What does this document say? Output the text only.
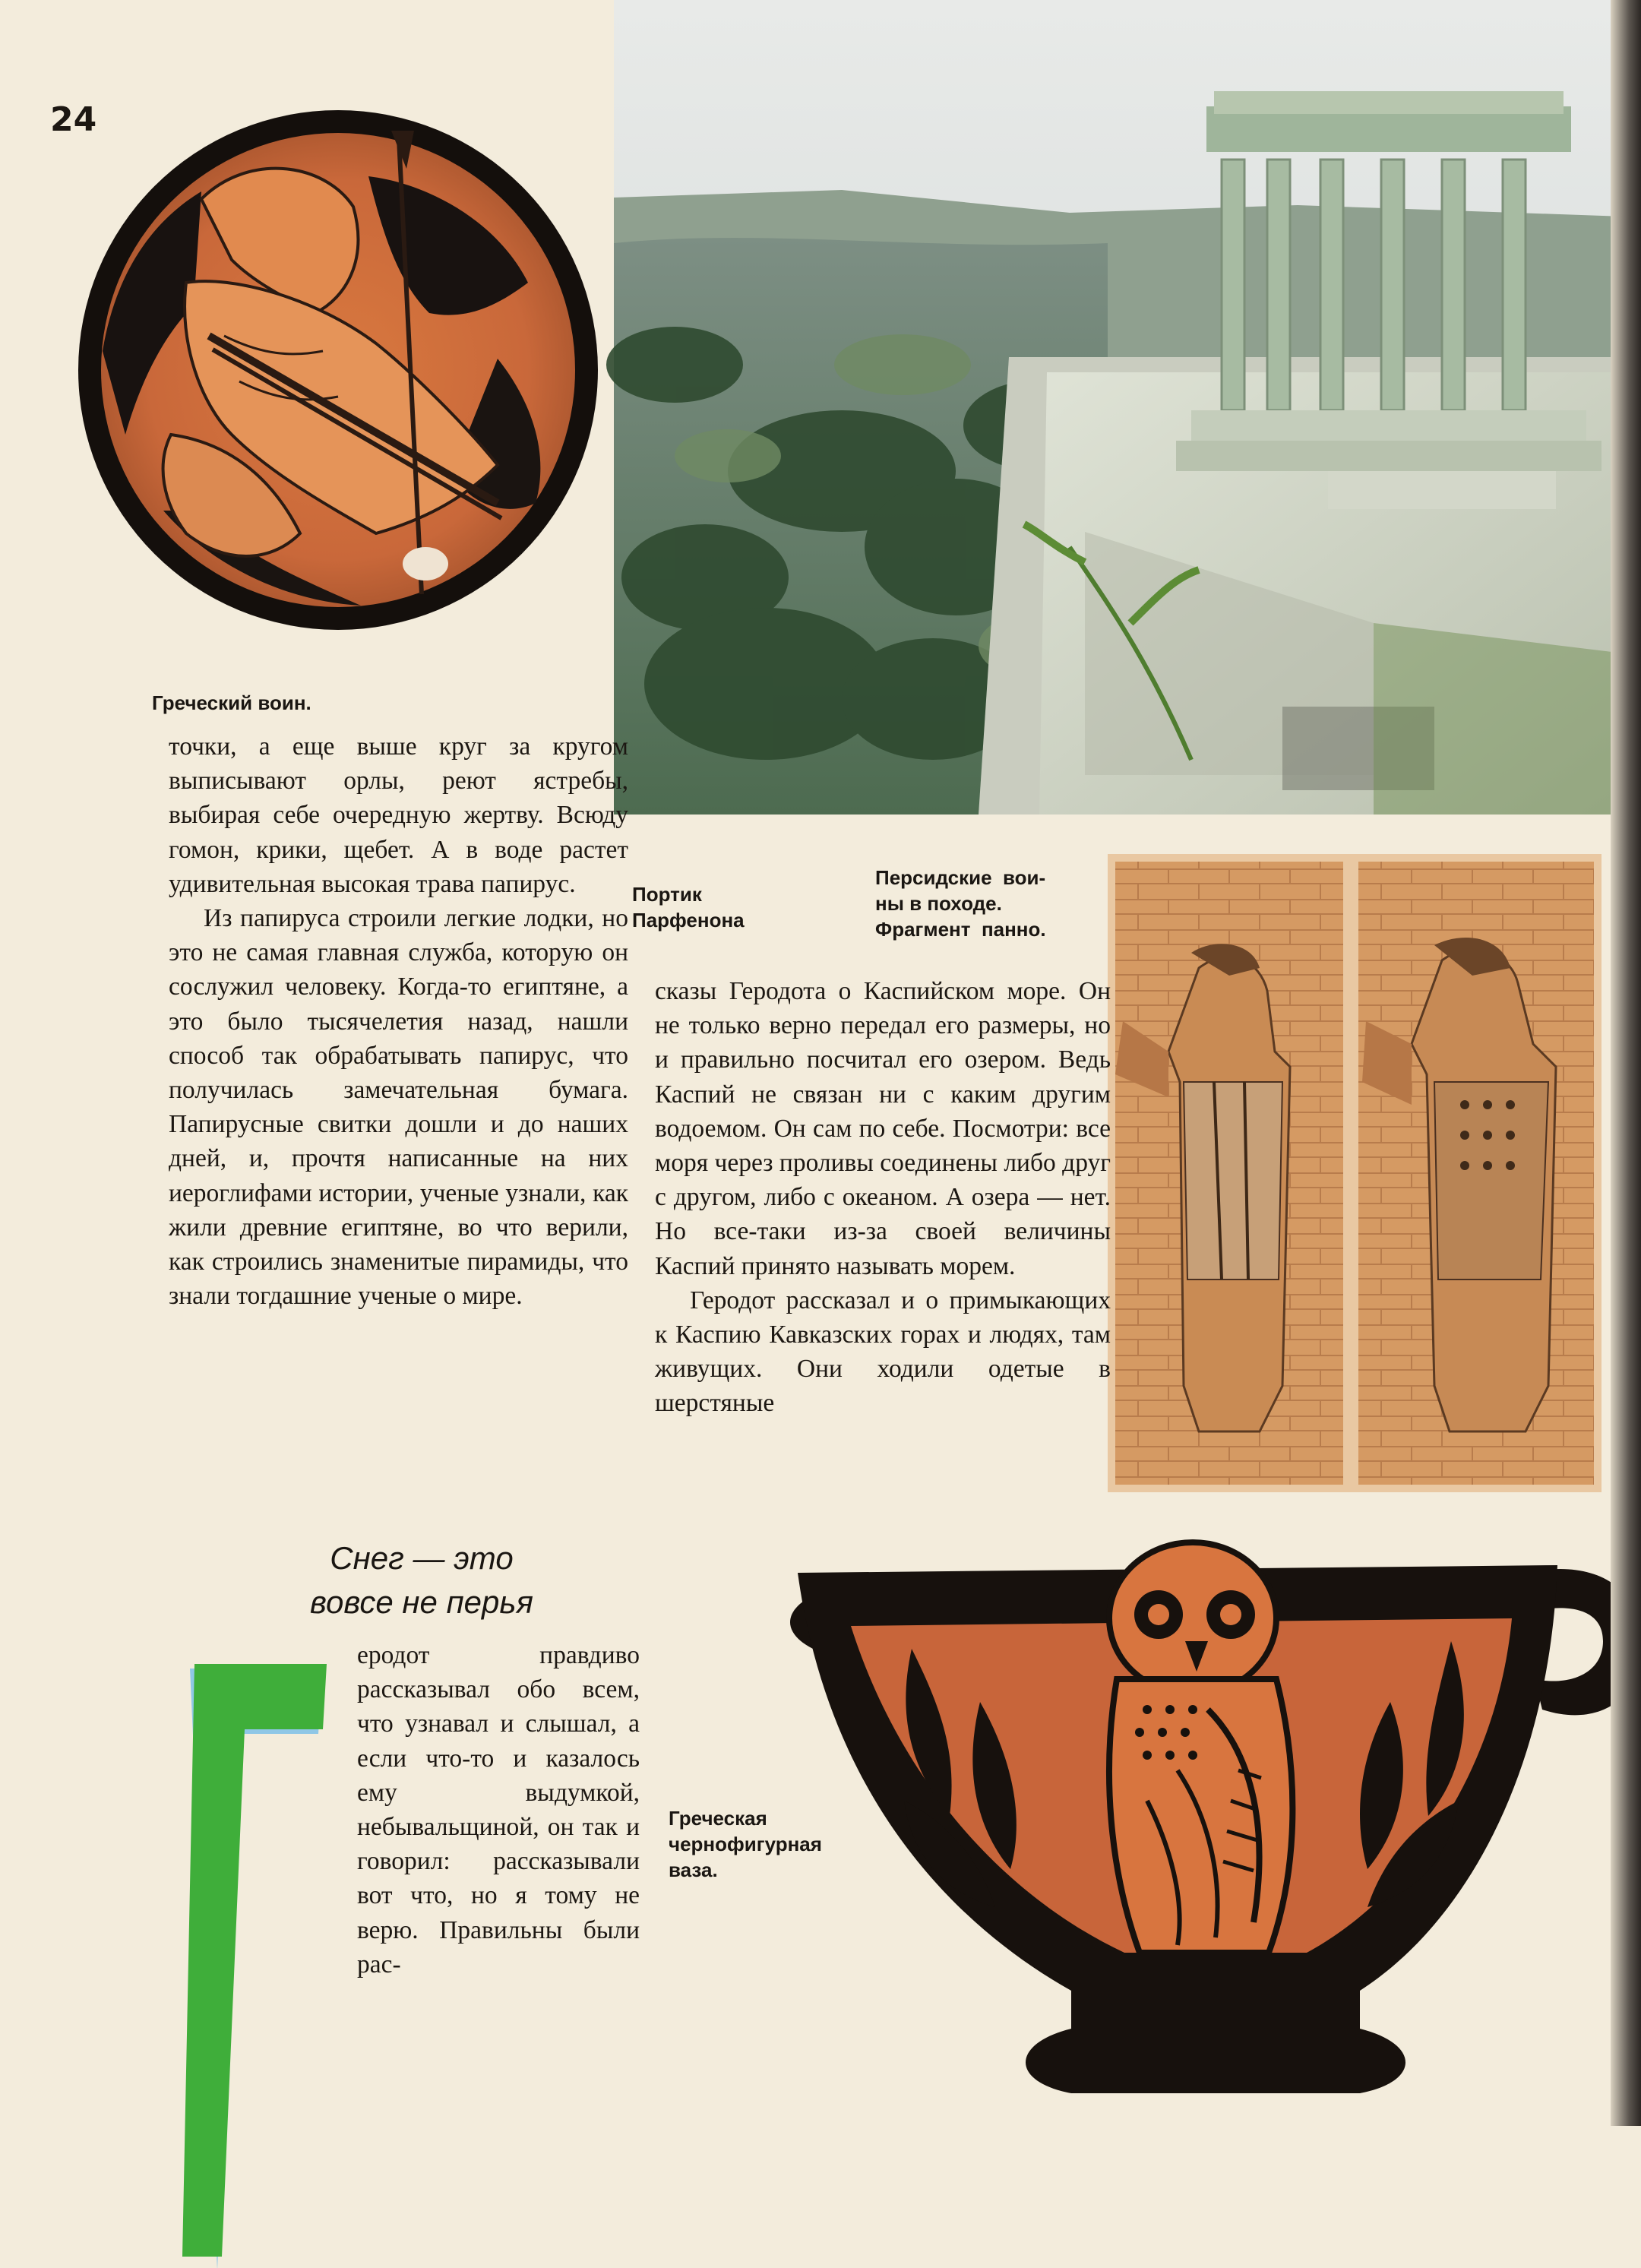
24
Греческий воин.
Портик
Парфенона
Персидские  вои-
ны в походе.
Фрагмент  панно.

точки, а еще выше круг за кругом выписывают орлы, реют ястребы, выбирая себе очередную жертву. Всюду гомон, крики, щебет. А в воде растет удивительная высокая трава папирус.

Из папируса строили легкие лодки, но это не самая главная служба, которую он сослужил человеку. Когда-то египтяне, а это было тысячелетия назад, нашли способ так обрабатывать папирус, что получилась замечательная бумага. Папирусные свитки дошли и до наших дней, и, прочтя написанные на них иероглифами истории, ученые узнали, как жили древние египтяне, во что верили, как строились знаменитые пирамиды, что знали тогдашние ученые о мире.

сказы Геродота о Каспийском море. Он не только верно передал его размеры, но и правильно посчитал его озером. Ведь Каспий не связан ни с каким другим водоемом. Он сам по себе. Посмотри: все моря через проливы соединены либо друг с другом, либо с океаном. А озера — нет. Но все-таки из-за своей величины Каспий принято называть морем.

Геродот рассказал и о примыкающих к Каспию Кавказских горах и людях, там живущих. Они ходили одетые в шерстяные

Снег — это
вовсе не перья
еродот правдиво рассказывал обо всем, что узнавал и слышал, а если что-то и казалось ему выдумкой, небывальщиной, он так и говорил: рассказывали вот что, но я тому не верю. Правильны были рас-
Греческая
чернофигурная
ваза.
